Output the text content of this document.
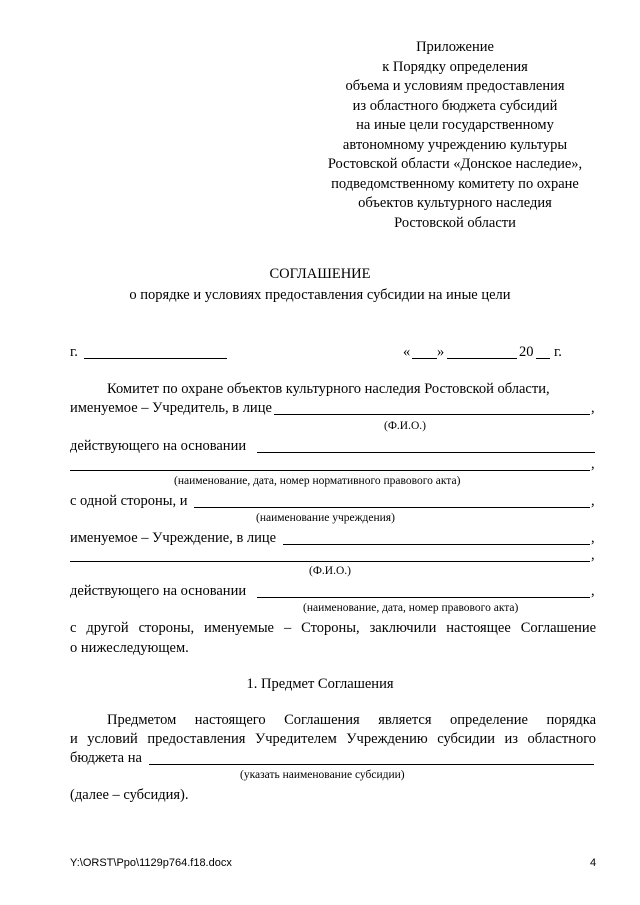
Приложение
к Порядку определения
объема и условиям предоставления
из областного бюджета субсидий
на иные цели государственному
автономному учреждению культуры
Ростовской области «Донское наследие»,
подведомственному комитету по охране
объектов культурного наследия
Ростовской области
СОГЛАШЕНИЕ
о порядке и условиях предоставления субсидии на иные цели
г.	« »	20 г.
Комитет по охране объектов культурного наследия Ростовской области,
именуемое – Учредитель, в лице	,
(Ф.И.О.)
действующего на основании
,
(наименование, дата, номер нормативного правового акта)
с одной стороны, и	,
(наименование учреждения)
именуемое – Учреждение, в лице	,
,
(Ф.И.О.)
действующего на основании	,
(наименование, дата, номер правового акта)
с другой стороны, именуемые – Стороны, заключили настоящее Соглашение
о нижеследующем.
1. Предмет Соглашения
Предметом настоящего Соглашения является определение порядка
и условий предоставления Учредителем Учреждению субсидии из областного
бюджета на
(указать наименование субсидии)
(далее – субсидия).
Y:\ORST\Ppo\1129p764.f18.docx	4
